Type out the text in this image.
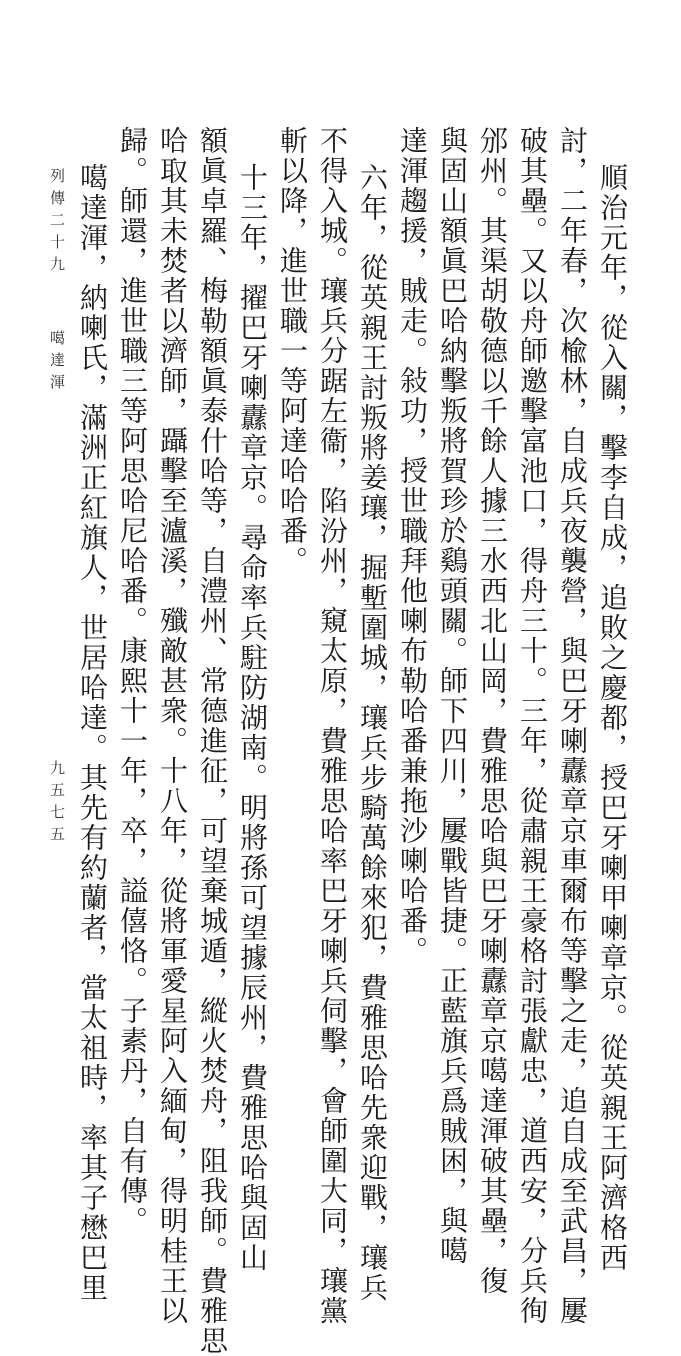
順治元年，從入關，擊李自成，追敗之慶都，授巴牙喇甲喇章京。從英親王阿濟格西
討，二年春，次楡林，自成兵夜襲營，與巴牙喇纛章京車爾布等擊之走，追自成至武昌，屢
破其壘。又以舟師邀擊富池口，得舟三十。三年，從肅親王豪格討張獻忠，道西安，分兵徇
邠州。其渠胡敬德以千餘人據三水西北山岡，費雅思哈與巴牙喇纛章京噶達渾破其壘，復
與固山額眞巴哈納擊叛將賀珍於鷄頭關。師下四川，屢戰皆捷。正藍旗兵爲賊困，與噶
達渾趨援，賊走。敍功，授世職拜他喇布勒哈番兼拖沙喇哈番。
六年，從英親王討叛將姜瓖，掘塹圍城，瓖兵步騎萬餘來犯，費雅思哈先衆迎戰，瓖兵
不得入城。瓖兵分踞左衞，陷汾州，窺太原，費雅思哈率巴牙喇兵伺擊，會師圍大同，瓖黨
斬以降，進世職一等阿達哈哈番。
十三年，擢巴牙喇纛章京。尋命率兵駐防湖南。明將孫可望據辰州，費雅思哈與固山
額眞卓羅、梅勒額眞泰什哈等，自澧州、常德進征，可望棄城遁，縱火焚舟，阻我師。費雅思
哈取其未焚者以濟師，躡擊至瀘溪，殲敵甚衆。十八年，從將軍愛星阿入緬甸，得明桂王以
歸。師還，進世職三等阿思哈尼哈番。康熙十一年，卒，謚僖恪。子素丹，自有傳。
噶達渾，納喇氏，滿洲正紅旗人，世居哈達。其先有約蘭者，當太祖時，率其子懋巴里
列傳二十九
噶達渾
九五七五
